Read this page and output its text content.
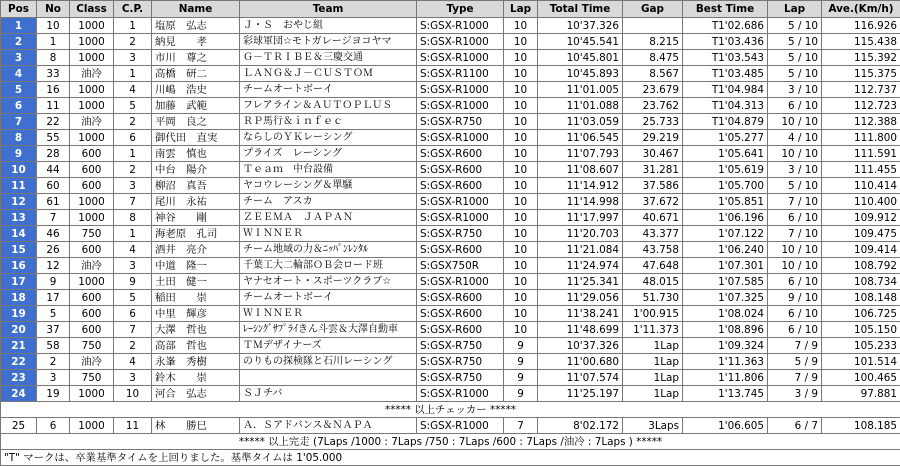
Pos	No	Class	C.P.	Name	Team	Type	Lap	Total Time	Gap	Best Time	Lap	Ave.(Km/h)
1	10	1000	1	塩原　弘志	Ｊ・Ｓ　おやじ組	S:GSX-R1000	10	10'37.326		T1'02.686	5 / 10	116.926
2	1	1000	2	納見　　孝	彩球軍団☆モトガレージヨコヤマ	S:GSX-R1000	10	10'45.541	8.215	T1'03.436	5 / 10	115.438
3	8	1000	3	市川　尊之	Ｇ－ＴＲＩＢＥ＆三慶交通	S:GSX-R1000	10	10'45.801	8.475	T1'03.543	5 / 10	115.392
4	33	油冷	1	高橋　研二	ＬＡＮＧ＆Ｊ－ＣＵＳＴＯＭ	S:GSX-R1100	10	10'45.893	8.567	T1'03.485	5 / 10	115.375
5	16	1000	4	川嶋　浩史	チームオートボーイ	S:GSX-R1000	10	11'01.005	23.679	T1'04.984	3 / 10	112.737
6	11	1000	5	加藤　武範	フレアライン＆ＡＵＴＯＰＬＵＳ	S:GSX-R1000	10	11'01.088	23.762	T1'04.313	6 / 10	112.723
7	22	油冷	2	平岡　良之	ＲＰ馬行＆ｉｎｆｅｃ	S:GSX-R750	10	11'03.059	25.733	T1'04.879	10 / 10	112.388
8	55	1000	6	御代田　直実	ならしのＹＫレーシング	S:GSX-R1000	10	11'06.545	29.219	1'05.277	4 / 10	111.800
9	28	600	1	南雲　慎也	プライズ　レーシング	S:GSX-R600	10	11'07.793	30.467	1'05.641	10 / 10	111.591
10	44	600	2	中台　陽介	Ｔｅａｍ　中台設備	S:GSX-R600	10	11'08.607	31.281	1'05.619	3 / 10	111.455
11	60	600	3	柳沼　真吾	ヤコウレーシング＆單騒	S:GSX-R600	10	11'14.912	37.586	1'05.700	5 / 10	110.414
12	61	1000	7	尾川　永祐	チーム　アスカ	S:GSX-R1000	10	11'14.998	37.672	1'05.851	7 / 10	110.400
13	7	1000	8	神谷　　剛	ＺＥＥＭＡ　ＪＡＰＡＮ	S:GSX-R1000	10	11'17.997	40.671	1'06.196	6 / 10	109.912
14	46	750	1	海老原　孔司	ＷＩＮＮＥＲ	S:GSX-R750	10	11'20.703	43.377	1'07.122	7 / 10	109.475
15	26	600	4	酒井　亮介	チーム地域の力＆ﾆｯﾊﾟﾝﾚﾝﾀﾙ	S:GSX-R600	10	11'21.084	43.758	1'06.240	10 / 10	109.414
16	12	油冷	3	中道　隆一	千葉工大二輪部ＯＢ会ロード班	S:GSX750R	10	11'24.974	47.648	1'07.301	10 / 10	108.792
17	9	1000	9	土田　健一	ヤナセオート・スポーツクラブ☆	S:GSX-R1000	10	11'25.341	48.015	1'07.585	6 / 10	108.734
18	17	600	5	稲田　　崇	チームオートボーイ	S:GSX-R600	10	11'29.056	51.730	1'07.325	9 / 10	108.148
19	5	600	6	中里　輝彦	ＷＩＮＮＥＲ	S:GSX-R600	10	11'38.241	1'00.915	1'08.024	6 / 10	106.725
20	37	600	7	大澤　哲也	ﾚｰｼﾝｸﾞｻﾌﾟﾗｲきん斗雲＆大澤自動車	S:GSX-R600	10	11'48.699	1'11.373	1'08.896	6 / 10	105.150
21	58	750	2	高部　哲也	ＴＭデザイナーズ	S:GSX-R750	9	10'37.326	1Lap	1'09.324	7 / 9	105.233
22	2	油冷	4	永峯　秀樹	のりもの探検隊と石川レーシング	S:GSX-R750	9	11'00.680	1Lap	1'11.363	5 / 9	101.514
23	3	750	3	鈴木　　崇		S:GSX-R750	9	11'07.574	1Lap	1'11.806	7 / 9	100.465
24	19	1000	10	河合　弘志	ＳＪチバ	S:GSX-R1000	9	11'25.197	1Lap	1'13.745	3 / 9	97.881
***** 以上チェッカー *****												
25	6	1000	11	林　　勝巳	Ａ．Ｓアドバンス＆ＮＡＰＡ	S:GSX-R1000	7	8'02.172	3Laps	1'06.605	6 / 7	108.185
***** 以上完走 (7Laps /1000 : 7Laps /750 : 7Laps /600 : 7Laps /油冷 : 7Laps ) *****												
"T" マークは、卒業基準タイムを上回りました。基準タイムは 1'05.000												
